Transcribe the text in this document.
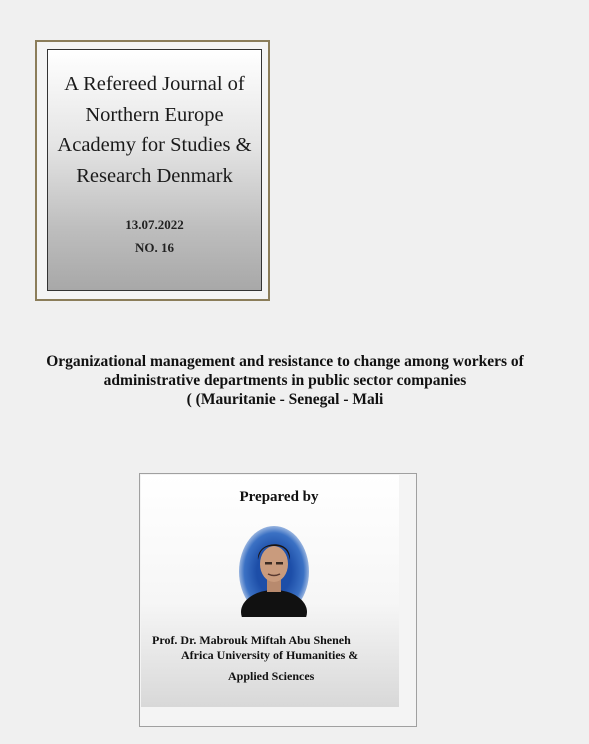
A Refereed Journal of
Northern Europe
Academy for Studies &
Research Denmark
13.07.2022
NO. 16
Organizational management and resistance to change among workers of
administrative departments in public sector companies
( (Mauritanie - Senegal - Mali
Prepared by
Prof. Dr. Mabrouk Miftah Abu Sheneh
Africa University of Humanities &
Applied Sciences
